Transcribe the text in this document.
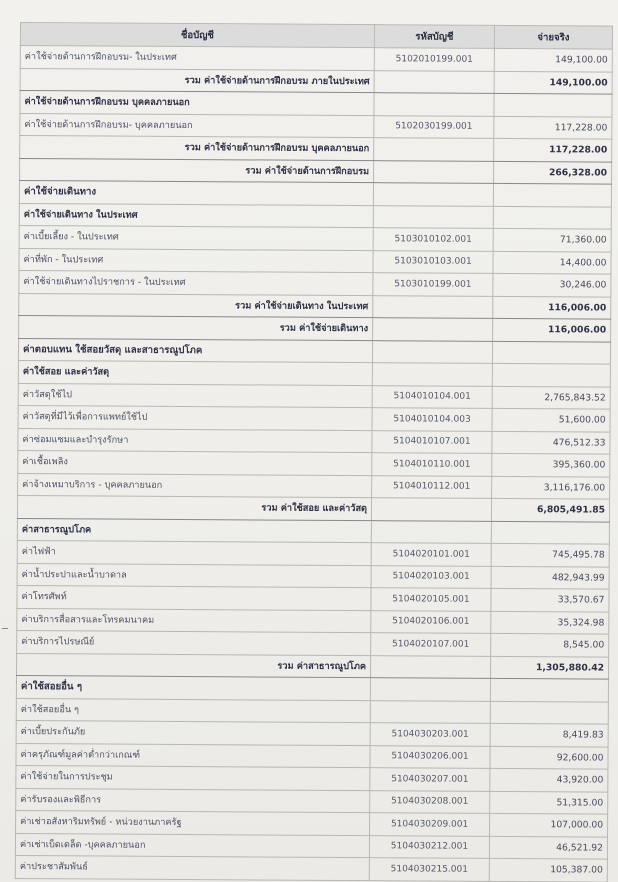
ชื่อบัญชี	รหัสบัญชี	จ่ายจริง
ค่าใช้จ่ายด้านการฝึกอบรม- ในประเทศ	5102010199.001	149,100.00
รวม ค่าใช้จ่ายด้านการฝึกอบรม ภายในประเทศ		149,100.00
ค่าใช้จ่ายด้านการฝึกอบรม บุคคลภายนอก		
ค่าใช้จ่ายด้านการฝึกอบรม- บุคคลภายนอก	5102030199.001	117,228.00
รวม ค่าใช้จ่ายด้านการฝึกอบรม บุคคลภายนอก		117,228.00
รวม ค่าใช้จ่ายด้านการฝึกอบรม		266,328.00
ค่าใช้จ่ายเดินทาง		
ค่าใช้จ่ายเดินทาง ในประเทศ		
ค่าเบี้ยเลี้ยง - ในประเทศ	5103010102.001	71,360.00
ค่าที่พัก - ในประเทศ	5103010103.001	14,400.00
ค่าใช้จ่ายเดินทางไปราชการ - ในประเทศ	5103010199.001	30,246.00
รวม ค่าใช้จ่ายเดินทาง ในประเทศ		116,006.00
รวม ค่าใช้จ่ายเดินทาง		116,006.00
ค่าตอบแทน ใช้สอยวัสดุ และสาธารณูปโภค		
ค่าใช้สอย และค่าวัสดุ		
ค่าวัสดุใช้ไป	5104010104.001	2,765,843.52
ค่าวัสดุที่มีไว้เพื่อการแพทย์ใช้ไป	5104010104.003	51,600.00
ค่าซ่อมแซมและบำรุงรักษา	5104010107.001	476,512.33
ค่าเชื้อเพลิง	5104010110.001	395,360.00
ค่าจ้างเหมาบริการ - บุคคลภายนอก	5104010112.001	3,116,176.00
รวม ค่าใช้สอย และค่าวัสดุ		6,805,491.85
ค่าสาธารณูปโภค		
ค่าไฟฟ้า	5104020101.001	745,495.78
ค่าน้ำประปาและน้ำบาดาล	5104020103.001	482,943.99
ค่าโทรศัพท์	5104020105.001	33,570.67
ค่าบริการสื่อสารและโทรคมนาคม	5104020106.001	35,324.98
ค่าบริการไปรษณีย์	5104020107.001	8,545.00
รวม ค่าสาธารณูปโภค		1,305,880.42
ค่าใช้สอยอื่น ๆ		
ค่าใช้สอยอื่น ๆ		
ค่าเบี้ยประกันภัย	5104030203.001	8,419.83
ค่าครุภัณฑ์มูลค่าต่ำกว่าเกณฑ์	5104030206.001	92,600.00
ค่าใช้จ่ายในการประชุม	5104030207.001	43,920.00
ค่ารับรองและพิธีการ	5104030208.001	51,315.00
ค่าเช่าอสังหาริมทรัพย์ - หน่วยงานภาครัฐ	5104030209.001	107,000.00
ค่าเช่าเบ็ดเตล็ด -บุคคลภายนอก	5104030212.001	46,521.92
ค่าประชาสัมพันธ์	5104030215.001	105,387.00
